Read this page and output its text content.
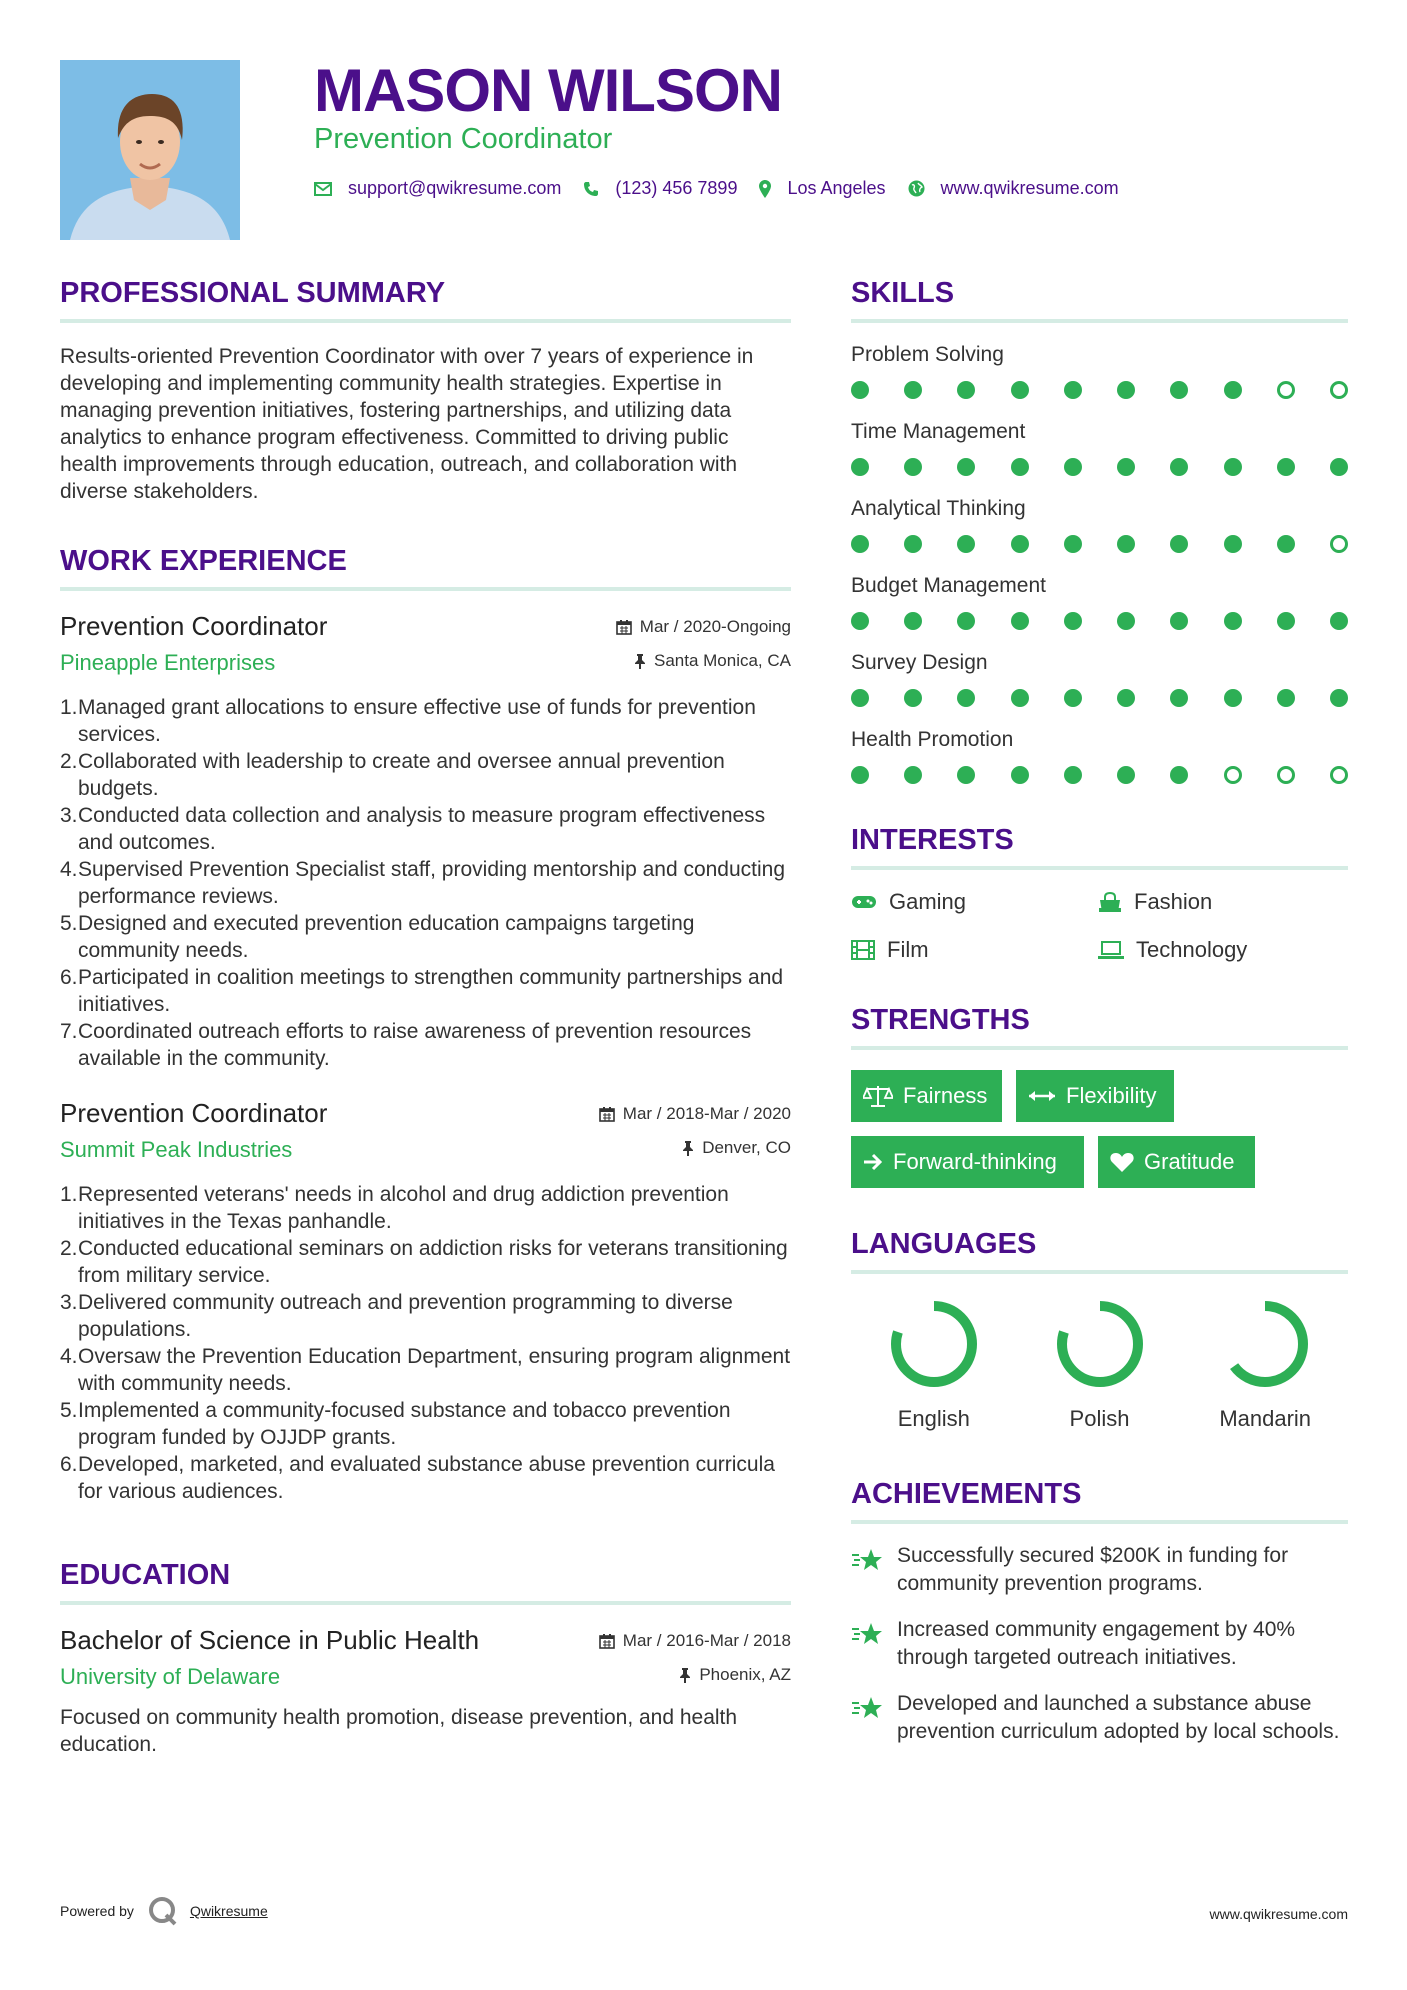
MASON WILSON
Prevention Coordinator
support@qwikresume.com	(123) 456 7899	Los Angeles	www.qwikresume.com
PROFESSIONAL SUMMARY

Results-oriented Prevention Coordinator with over 7 years of experience in developing and implementing community health strategies. Expertise in managing prevention initiatives, fostering partnerships, and utilizing data analytics to enhance program effectiveness. Committed to driving public health improvements through education, outreach, and collaboration with diverse stakeholders.

WORK EXPERIENCE
Prevention Coordinator
Pineapple Enterprises
Mar / 2020-Ongoing
Santa Monica, CA
1. Managed grant allocations to ensure effective use of funds for prevention services.
2. Collaborated with leadership to create and oversee annual prevention budgets.
3. Conducted data collection and analysis to measure program effectiveness and outcomes.
4. Supervised Prevention Specialist staff, providing mentorship and conducting performance reviews.
5. Designed and executed prevention education campaigns targeting community needs.
6. Participated in coalition meetings to strengthen community partnerships and initiatives.
7. Coordinated outreach efforts to raise awareness of prevention resources available in the community.
Prevention Coordinator
Summit Peak Industries
Mar / 2018-Mar / 2020
Denver, CO
1. Represented veterans' needs in alcohol and drug addiction prevention initiatives in the Texas panhandle.
2. Conducted educational seminars on addiction risks for veterans transitioning from military service.
3. Delivered community outreach and prevention programming to diverse populations.
4. Oversaw the Prevention Education Department, ensuring program alignment with community needs.
5. Implemented a community-focused substance and tobacco prevention program funded by OJJDP grants.
6. Developed, marketed, and evaluated substance abuse prevention curricula for various audiences.
EDUCATION
Bachelor of Science in Public Health
University of Delaware
Mar / 2016-Mar / 2018
Phoenix, AZ

Focused on community health promotion, disease prevention, and health education.

SKILLS
Problem Solving
Time Management
Analytical Thinking
Budget Management
Survey Design
Health Promotion
INTERESTS
Gaming	Fashion
Film	Technology
STRENGTHS
Fairness	Flexibility
Forward-thinking	Gratitude
LANGUAGES
English	Polish	Mandarin
ACHIEVEMENTS
Successfully secured $200K in funding for community prevention programs.
Increased community engagement by 40% through targeted outreach initiatives.
Developed and launched a substance abuse prevention curriculum adopted by local schools.
Powered by	Qwikresume	www.qwikresume.com
